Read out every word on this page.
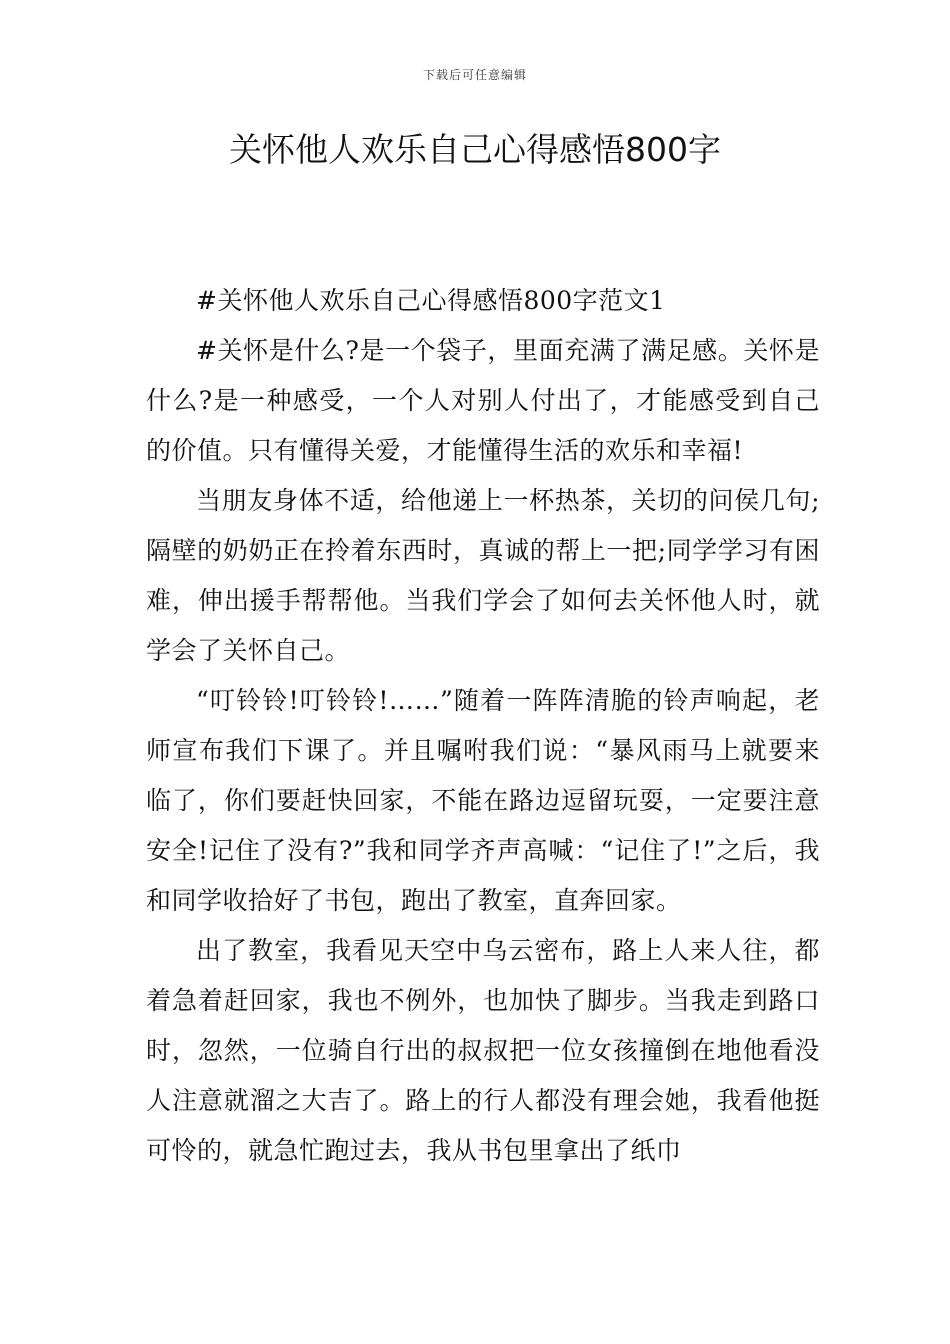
下载后可任意编辑
关怀他人欢乐自己心得感悟800字

#关怀他人欢乐自己心得感悟800字范文1

#关怀是什么?是一个袋子，里面充满了满足感。关怀是什么?是一种感受，一个人对别人付出了，才能感受到自己的价值。只有懂得关爱，才能懂得生活的欢乐和幸福!

当朋友身体不适，给他递上一杯热茶，关切的问侯几句;隔壁的奶奶正在拎着东西时，真诚的帮上一把;同学学习有困难，伸出援手帮帮他。当我们学会了如何去关怀他人时，就学会了关怀自己。

“叮铃铃!叮铃铃!……”随着一阵阵清脆的铃声响起，老师宣布我们下课了。并且嘱咐我们说：“暴风雨马上就要来临了，你们要赶快回家，不能在路边逗留玩耍，一定要注意安全!记住了没有?”我和同学齐声高喊：“记住了!”之后，我和同学收拾好了书包，跑出了教室，直奔回家。

出了教室，我看见天空中乌云密布，路上人来人往，都着急着赶回家，我也不例外，也加快了脚步。当我走到路口时，忽然，一位骑自行出的叔叔把一位女孩撞倒在地他看没人注意就溜之大吉了。路上的行人都没有理会她，我看他挺可怜的，就急忙跑过去，我从书包里拿出了纸巾
